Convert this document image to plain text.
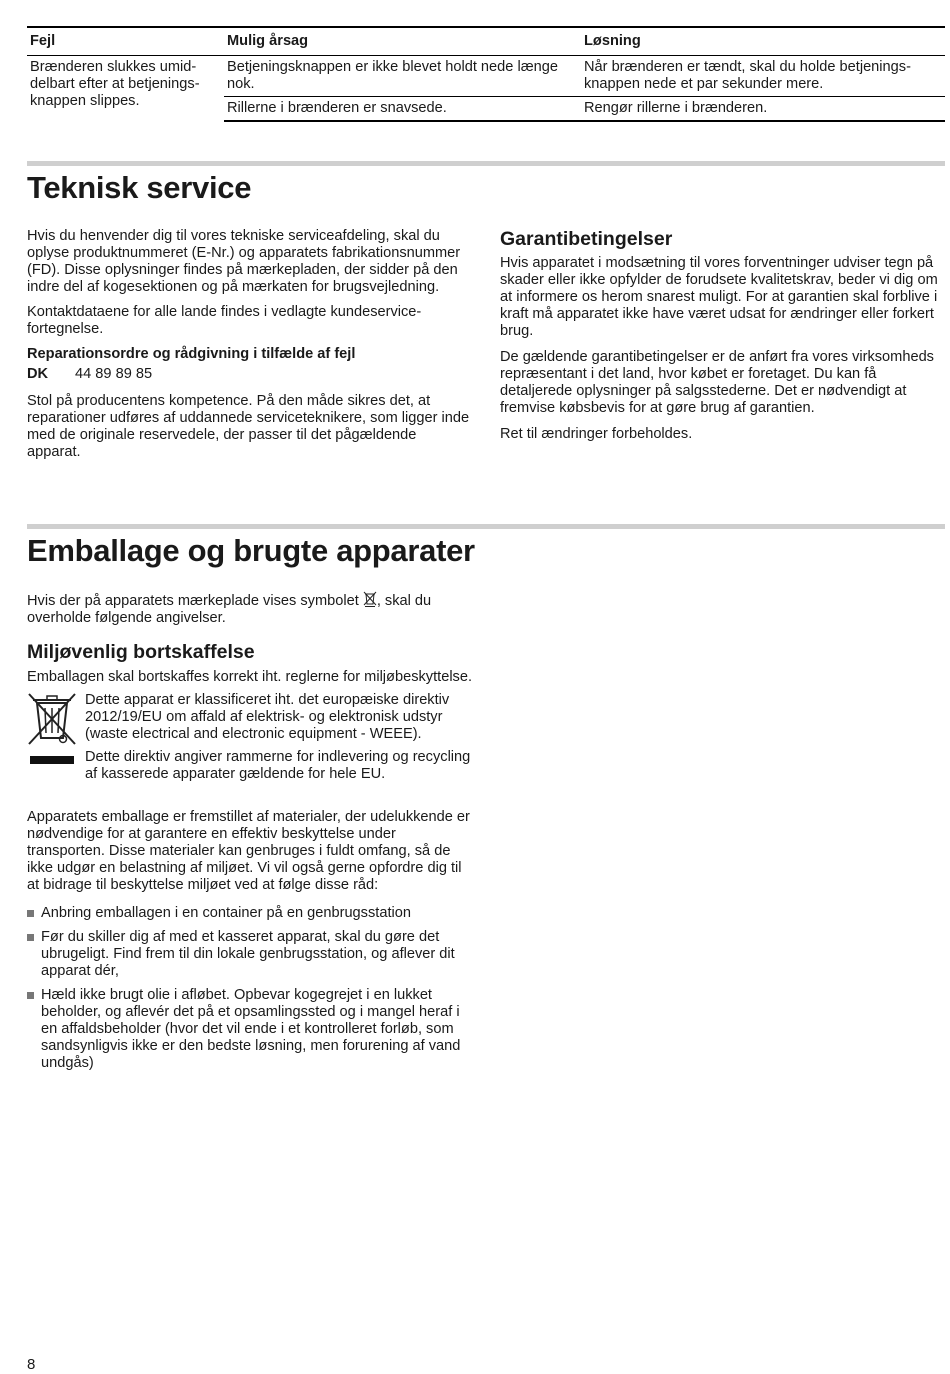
Fejl	Mulig årsag	Løsning
Brænderen slukkes umid-delbart efter at betjenings-knappen slippes.	Betjeningsknappen er ikke blevet holdt nede længe nok.	Når brænderen er tændt, skal du holde betjenings-knappen nede et par sekunder mere.
	Rillerne i brænderen er snavsede.	Rengør rillerne i brænderen.
Teknisk service

Hvis du henvender dig til vores tekniske serviceafdeling, skal du oplyse produktnummeret (E-Nr.) og apparatets fabrikationsnummer (FD). Disse oplysninger findes på mærkepladen, der sidder på den indre del af kogesektionen og på mærkaten for brugsvejledning.

Kontaktdataene for alle lande findes i vedlagte kundeservice-fortegnelse.

Reparationsordre og rådgivning i tilfælde af fejl

DK	44 89 89 85

Stol på producentens kompetence. På den måde sikres det, at reparationer udføres af uddannede serviceteknikere, som ligger inde med de originale reservedele, der passer til det pågældende apparat.

Garantibetingelser

Hvis apparatet i modsætning til vores forventninger udviser tegn på skader eller ikke opfylder de forudsete kvalitetskrav, beder vi dig om at informere os herom snarest muligt. For at garantien skal forblive i kraft må apparatet ikke have været udsat for ændringer eller forkert brug.

De gældende garantibetingelser er de anført fra vores virksomheds repræsentant i det land, hvor købet er foretaget. Du kan få detaljerede oplysninger på salgsstederne. Det er nødvendigt at fremvise købsbevis for at gøre brug af garantien.

Ret til ændringer forbeholdes.

Emballage og brugte apparater

Hvis der på apparatets mærkeplade vises symbolet , skal du overholde følgende angivelser.

Miljøvenlig bortskaffelse

Emballagen skal bortskaffes korrekt iht. reglerne for miljøbeskyttelse.

Dette apparat er klassificeret iht. det europæiske direktiv 2012/19/EU om affald af elektrisk- og elektronisk udstyr (waste electrical and electronic equipment - WEEE).

Dette direktiv angiver rammerne for indlevering og recycling af kasserede apparater gældende for hele EU.

Apparatets emballage er fremstillet af materialer, der udelukkende er nødvendige for at garantere en effektiv beskyttelse under transporten. Disse materialer kan genbruges i fuldt omfang, så de ikke udgør en belastning af miljøet. Vi vil også gerne opfordre dig til at bidrage til beskyttelse miljøet ved at følge disse råd:

Anbring emballagen i en container på en genbrugsstation
Før du skiller dig af med et kasseret apparat, skal du gøre det ubrugeligt. Find frem til din lokale genbrugsstation, og aflever dit apparat dér,
Hæld ikke brugt olie i afløbet. Opbevar kogegrejet i en lukket beholder, og aflevér det på et opsamlingssted og i mangel heraf i en affaldsbeholder (hvor det vil ende i et kontrolleret forløb, som sandsynligvis ikke er den bedste løsning, men forurening af vand undgås)
8
